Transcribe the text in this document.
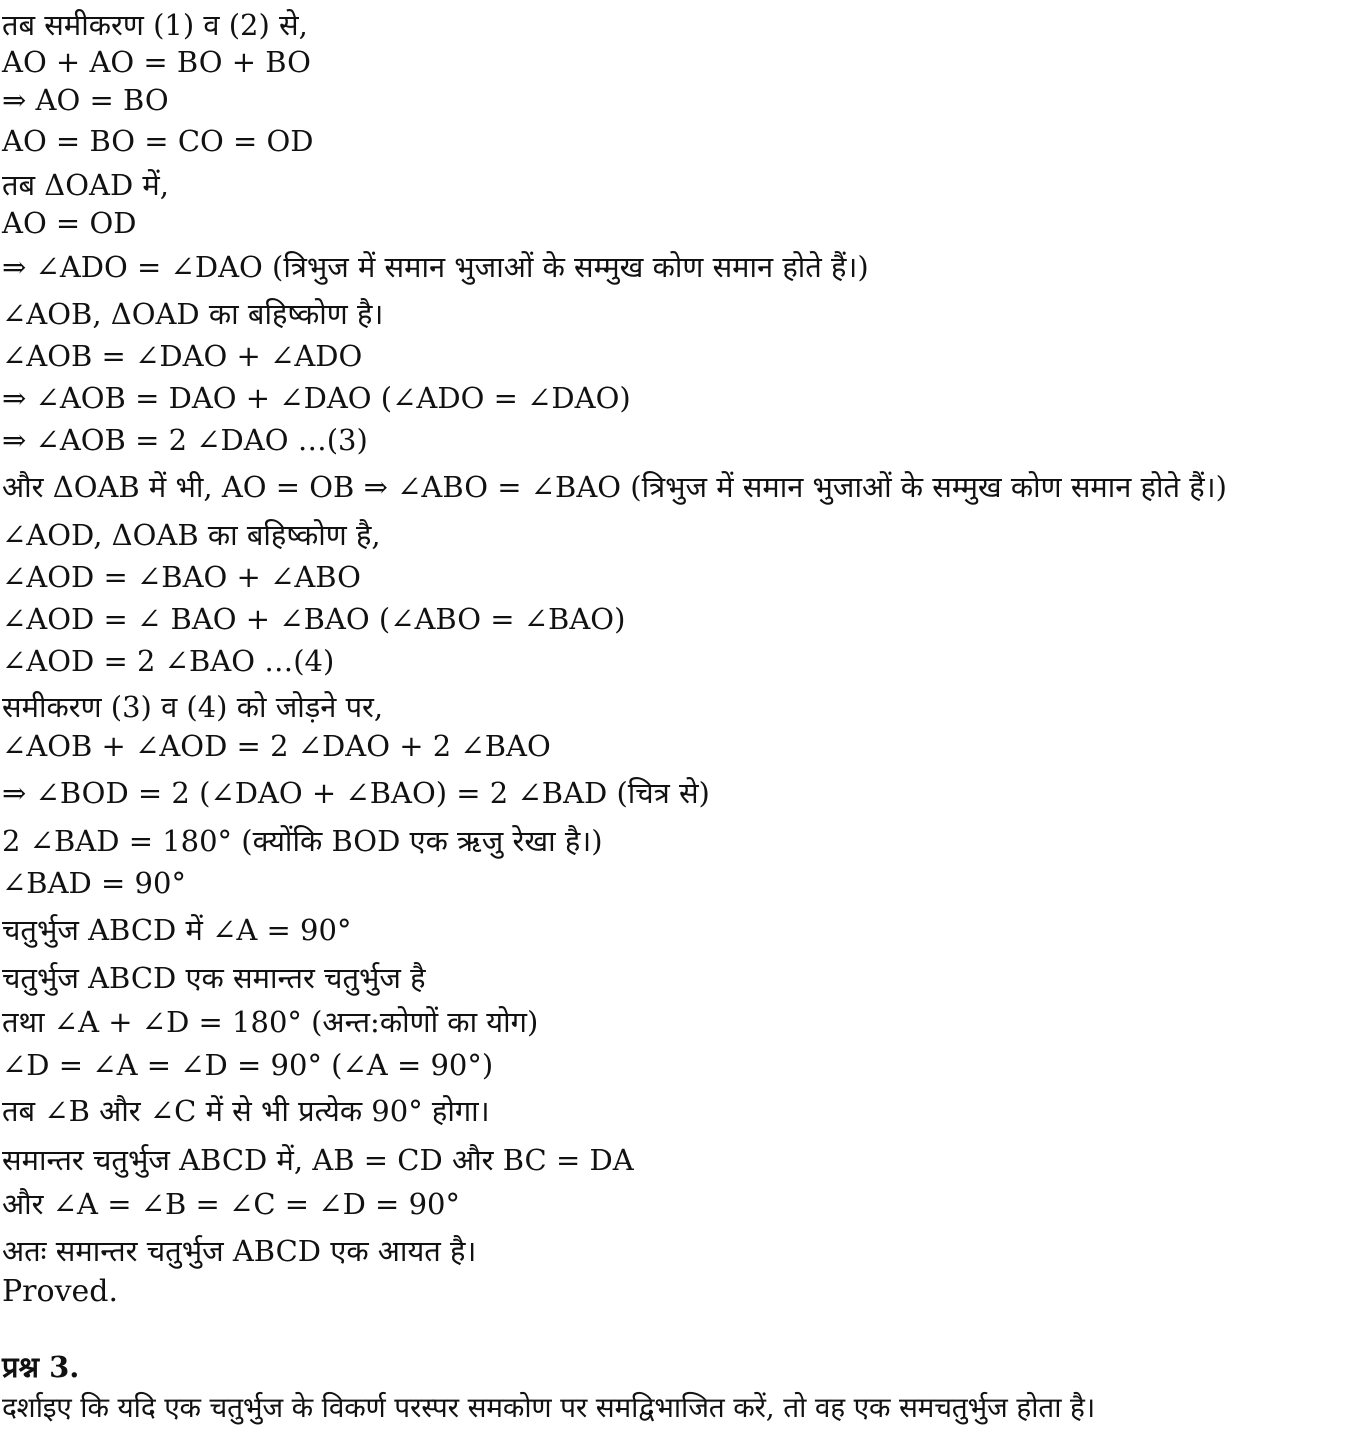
तब समीकरण (1) व (2) से,
AO + AO = BO + BO
⇒ AO = BO
AO = BO = CO = OD
तब ΔOAD में,
AO = OD
⇒ ∠ADO = ∠DAO (त्रिभुज में समान भुजाओं के सम्मुख कोण समान होते हैं।)
∠AOB, ΔOAD का बहिष्कोण है।
∠AOB = ∠DAO + ∠ADO
⇒ ∠AOB = DAO + ∠DAO (∠ADO = ∠DAO)
⇒ ∠AOB = 2 ∠DAO …(3)
और ΔOAB में भी, AO = OB ⇒ ∠ABO = ∠BAO (त्रिभुज में समान भुजाओं के सम्मुख कोण समान होते हैं।)
∠AOD, ΔOAB का बहिष्कोण है,
∠AOD = ∠BAO + ∠ABO
∠AOD = ∠ BAO + ∠BAO (∠ABO = ∠BAO)
∠AOD = 2 ∠BAO …(4)
समीकरण (3) व (4) को जोड़ने पर,
∠AOB + ∠AOD = 2 ∠DAO + 2 ∠BAO
⇒ ∠BOD = 2 (∠DAO + ∠BAO) = 2 ∠BAD (चित्र से)
2 ∠BAD = 180° (क्योंकि BOD एक ऋजु रेखा है।)
∠BAD = 90°
चतुर्भुज ABCD में ∠A = 90°
चतुर्भुज ABCD एक समान्तर चतुर्भुज है
तथा ∠A + ∠D = 180° (अन्त:कोणों का योग)
∠D = ∠A = ∠D = 90° (∠A = 90°)
तब ∠B और ∠C में से भी प्रत्येक 90° होगा।
समान्तर चतुर्भुज ABCD में, AB = CD और BC = DA
और ∠A = ∠B = ∠C = ∠D = 90°
अतः समान्तर चतुर्भुज ABCD एक आयत है।
Proved.
प्रश्न 3.
दर्शाइए कि यदि एक चतुर्भुज के विकर्ण परस्पर समकोण पर समद्विभाजित करें, तो वह एक समचतुर्भुज होता है।
